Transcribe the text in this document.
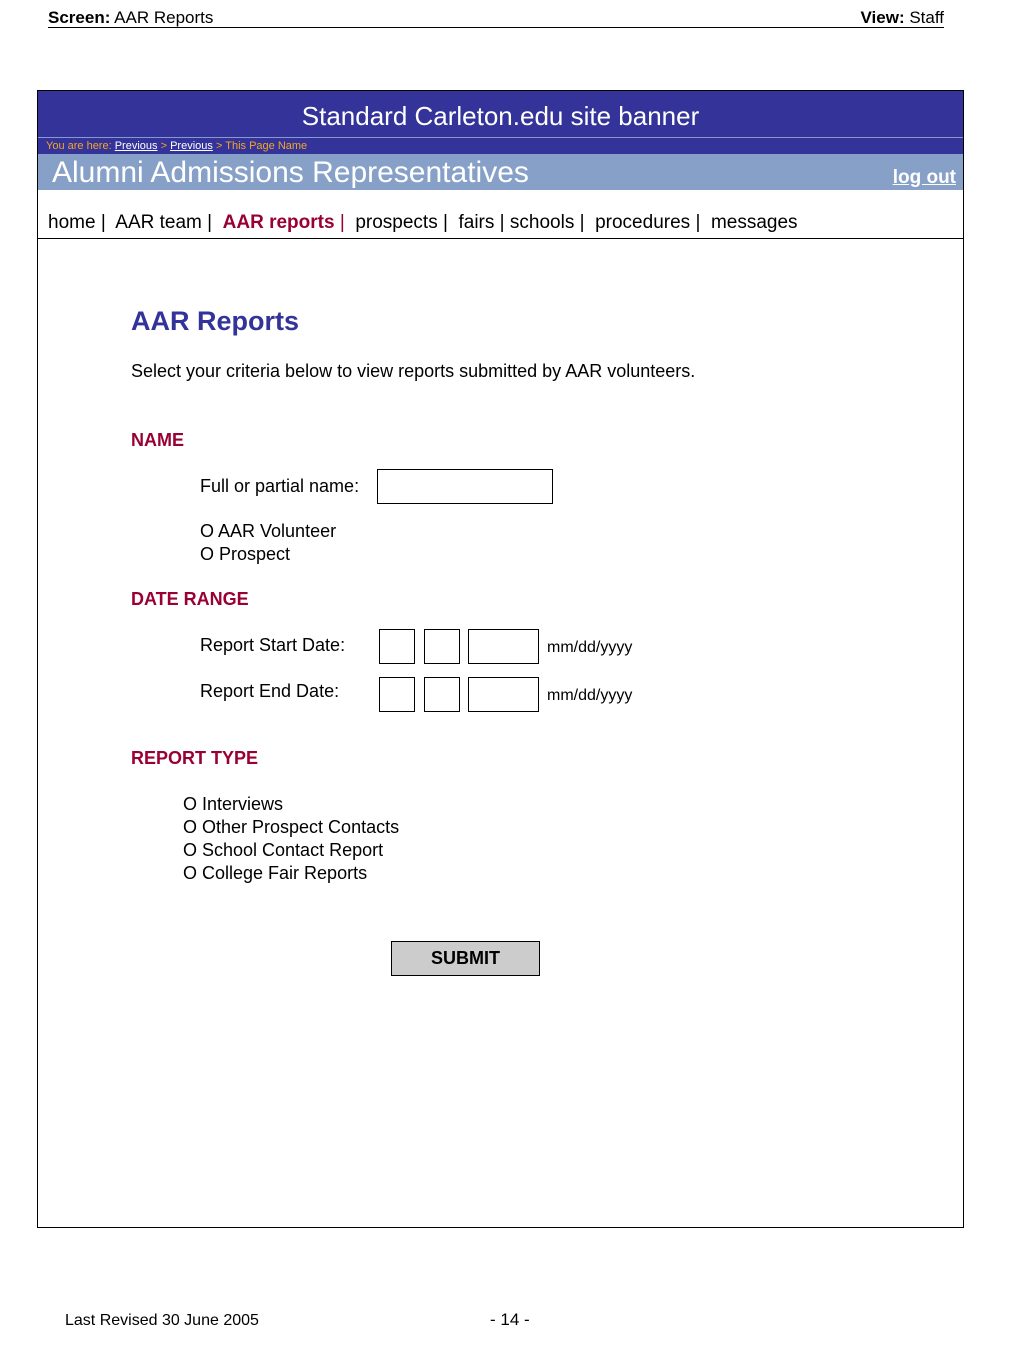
Screen: AAR Reports	View: Staff
Standard Carleton.edu site banner
You are here: Previous > Previous > This Page Name
Alumni Admissions Representatives	log out
home | AAR team | AAR reports | prospects | fairs | schools | procedures | messages
AAR Reports
Select your criteria below to view reports submitted by AAR volunteers.
NAME
Full or partial name:
O AAR Volunteer
O Prospect
DATE RANGE
Report Start Date:	mm/dd/yyyy
Report End Date:	mm/dd/yyyy
REPORT TYPE
O Interviews
O Other Prospect Contacts
O School Contact Report
O College Fair Reports
SUBMIT
Last Revised 30 June 2005	- 14 -
